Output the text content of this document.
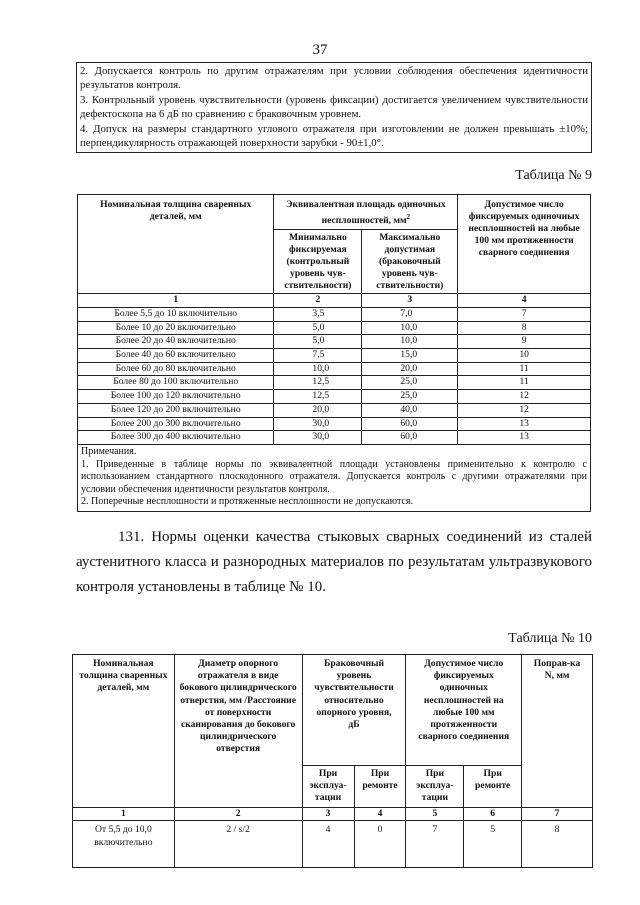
37

2. Допускается контроль по другим отражателям при условии соблюдения обеспечения идентичности результатов контроля.

3. Контрольный уровень чувствительности (уровень фиксации) достигается увеличением чувствительности дефектоскопа на 6 дБ по сравнению с браковочным уровнем.

4. Допуск на размеры стандартного углового отражателя при изготовлении не должен превышать ±10%; перпендикулярность отражающей поверхности зарубки - 90±1,0°.

Таблица № 9
Номинальная толщина сваренных деталей, мм	Эквивалентная площадь одиночных несплошностей, $мм^2$		Допустимое число фиксируемых одиночных несплошностей на любые 100 мм протяженности сварного соединения
	Минимально фиксируемая (контрольный уровень чув-ствительности)	Максимально допустимая (браковочный уровень чув-ствительности)	
1	2	3	4
Более 5,5 до 10 включительно	3,5	7,0	7
Более 10 до 20 включительно	5,0	10,0	8
Более 20 до 40 включительно	5,0	10,0	9
Более 40 до 60 включительно	7,5	15,0	10
Более 60 до 80 включительно	10,0	20,0	11
Более 80 до 100 включительно	12,5	25,0	11
Более 100 до 120 включительно	12,5	25,0	12
Более 120 до 200 включительно	20,0	40,0	12
Более 200 до 300 включительно	30,0	60,0	13
Более 300 до 400 включительно	30,0	60,0	13

Примечания.

1. Приведенные в таблице нормы по эквивалентной площади установлены применительно к контролю с использованием стандартного плоскодонного отражателя. Допускается контроль с другими отражателями при условии обеспечения идентичности результатов контроля.

2. Поперечные несплошности и протяженные несплошности не допускаются.			

131. Нормы оценки качества стыковых сварных соединений из сталей аустенитного класса и разнородных материалов по результатам ультразвукового контроля установлены в таблице № 10.

Таблица № 10
Номинальная толщина сваренных деталей, мм	Диаметр опорного отражателя в виде бокового цилиндрического отверстия, мм /Расстояние от поверхности сканирования до бокового цилиндрического отверстия	Браковочный уровень чувствительности относительно опорного уровня, дБ		Допустимое число фиксируемых одиночных несплошностей на любые 100 мм протяженности сварного соединения		Поправ-ка N, мм
		При эксплуа-тации	При ремонте	При эксплуа-тации	При ремонте	
1	2	3	4	5	6	7
От 5,5 до 10,0 включительно	2 / s/2	4	0	7	5	8
